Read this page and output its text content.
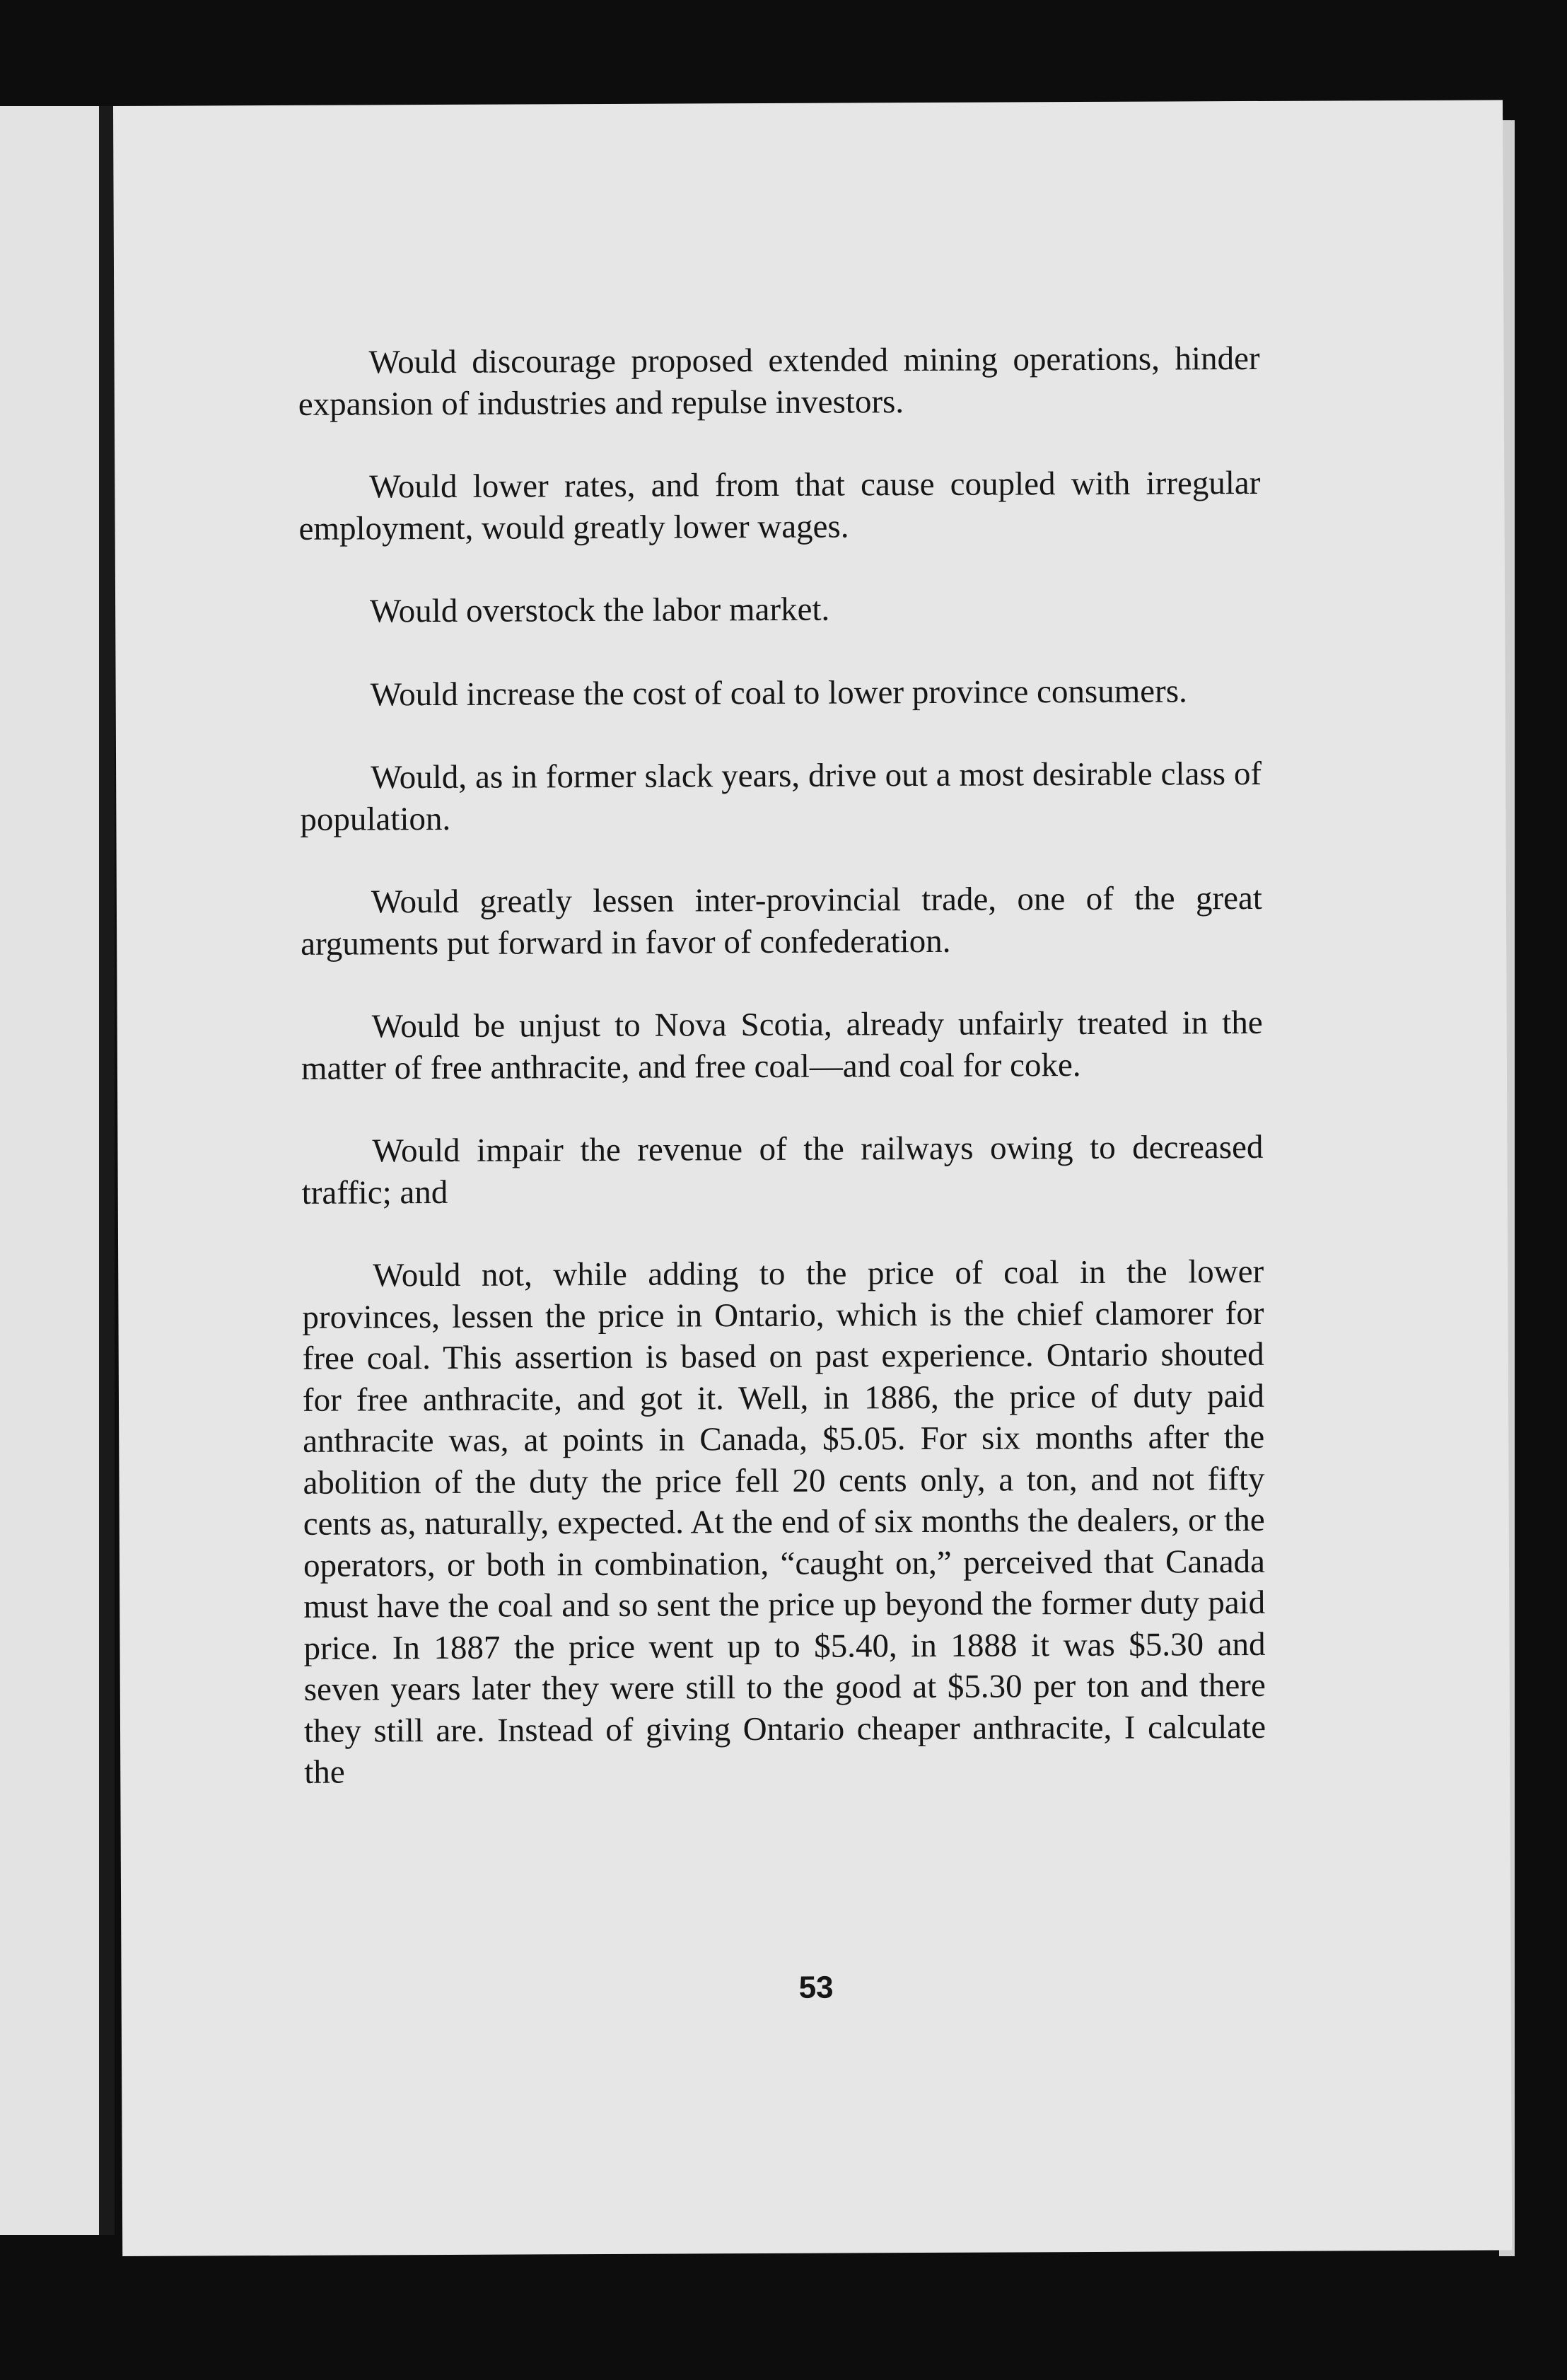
Would discourage proposed extended mining operations, hinder expansion of industries and repulse investors.

Would lower rates, and from that cause coupled with irregular employment, would greatly lower wages.

Would overstock the labor market.

Would increase the cost of coal to lower province consumers.

Would, as in former slack years, drive out a most desirable class of population.

Would greatly lessen inter-provincial trade, one of the great arguments put forward in favor of confederation.

Would be unjust to Nova Scotia, already unfairly treated in the matter of free anthracite, and free coal—and coal for coke.

Would impair the revenue of the railways owing to decreased traffic; and

Would not, while adding to the price of coal in the lower provinces, lessen the price in Ontario, which is the chief clamorer for free coal. This assertion is based on past experience. Ontario shouted for free anthracite, and got it. Well, in 1886, the price of duty paid anthracite was, at points in Canada, $5.05. For six months after the abolition of the duty the price fell 20 cents only, a ton, and not fifty cents as, naturally, expected. At the end of six months the dealers, or the operators, or both in combination, “caught on,” perceived that Canada must have the coal and so sent the price up beyond the former duty paid price. In 1887 the price went up to $5.40, in 1888 it was $5.30 and seven years later they were still to the good at $5.30 per ton and there they still are. Instead of giving Ontario cheaper anthracite, I calculate the

53
